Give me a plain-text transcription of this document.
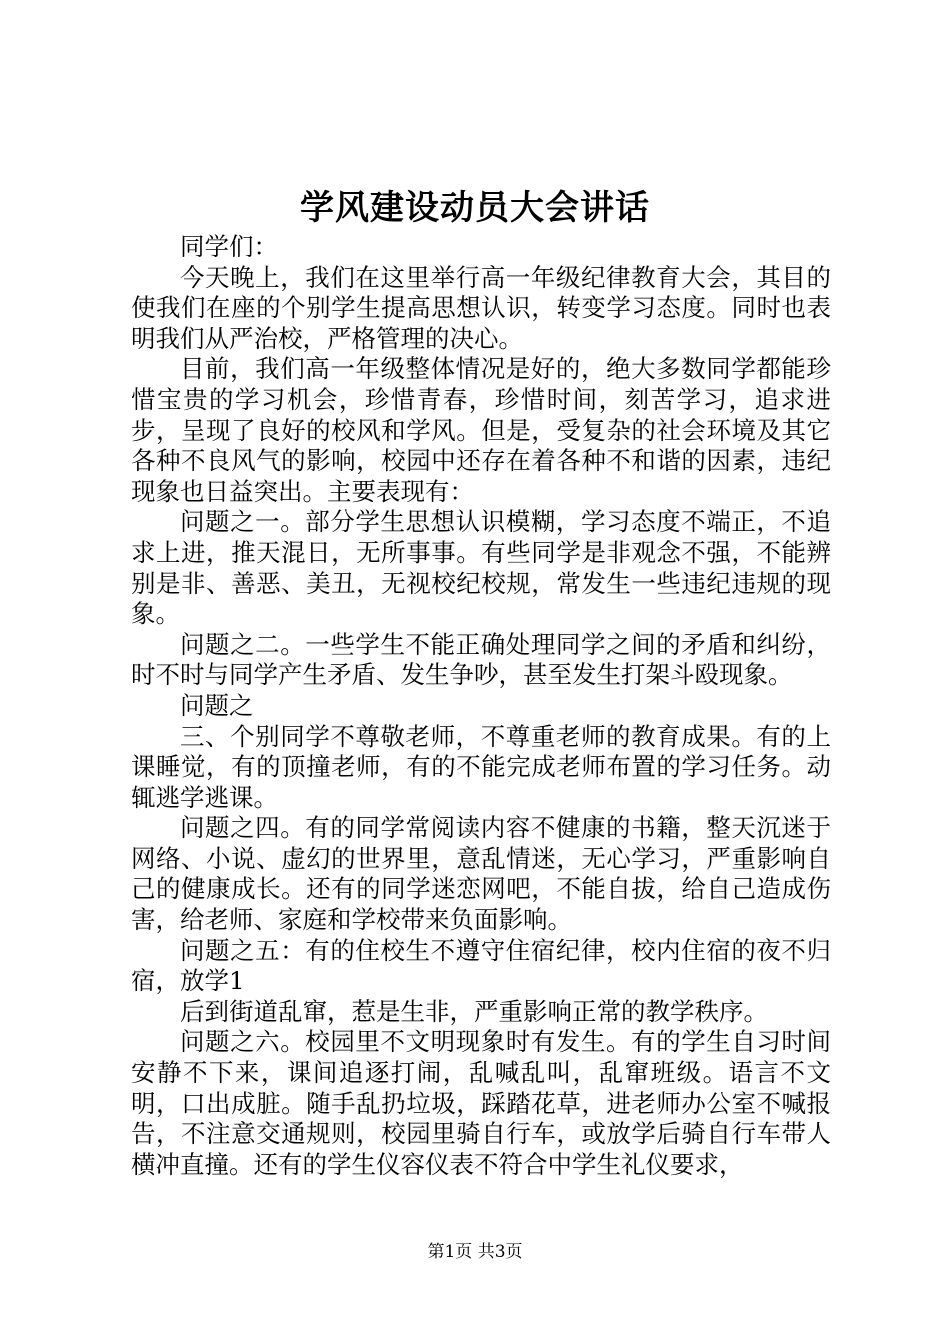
学风建设动员大会讲话

同学们：

今天晚上，我们在这里举行高一年级纪律教育大会，其目的使我们在座的个别学生提高思想认识，转变学习态度。同时也表明我们从严治校，严格管理的决心。

目前，我们高一年级整体情况是好的，绝大多数同学都能珍惜宝贵的学习机会，珍惜青春，珍惜时间，刻苦学习，追求进步，呈现了良好的校风和学风。但是，受复杂的社会环境及其它各种不良风气的影响，校园中还存在着各种不和谐的因素，违纪现象也日益突出。主要表现有：

问题之一。部分学生思想认识模糊，学习态度不端正，不追求上进，推天混日，无所事事。有些同学是非观念不强，不能辨别是非、善恶、美丑，无视校纪校规，常发生一些违纪违规的现象。

问题之二。一些学生不能正确处理同学之间的矛盾和纠纷，时不时与同学产生矛盾、发生争吵，甚至发生打架斗殴现象。

问题之

三、个别同学不尊敬老师，不尊重老师的教育成果。有的上课睡觉，有的顶撞老师，有的不能完成老师布置的学习任务。动辄逃学逃课。

问题之四。有的同学常阅读内容不健康的书籍，整天沉迷于网络、小说、虚幻的世界里，意乱情迷，无心学习，严重影响自己的健康成长。还有的同学迷恋网吧，不能自拔，给自己造成伤害，给老师、家庭和学校带来负面影响。

问题之五：有的住校生不遵守住宿纪律，校内住宿的夜不归宿，放学1

后到街道乱窜，惹是生非，严重影响正常的教学秩序。

问题之六。校园里不文明现象时有发生。有的学生自习时间安静不下来，课间追逐打闹，乱喊乱叫，乱窜班级。语言不文明，口出成脏。随手乱扔垃圾，踩踏花草，进老师办公室不喊报告，不注意交通规则，校园里骑自行车，或放学后骑自行车带人横冲直撞。还有的学生仪容仪表不符合中学生礼仪要求，

第1页 共3页
